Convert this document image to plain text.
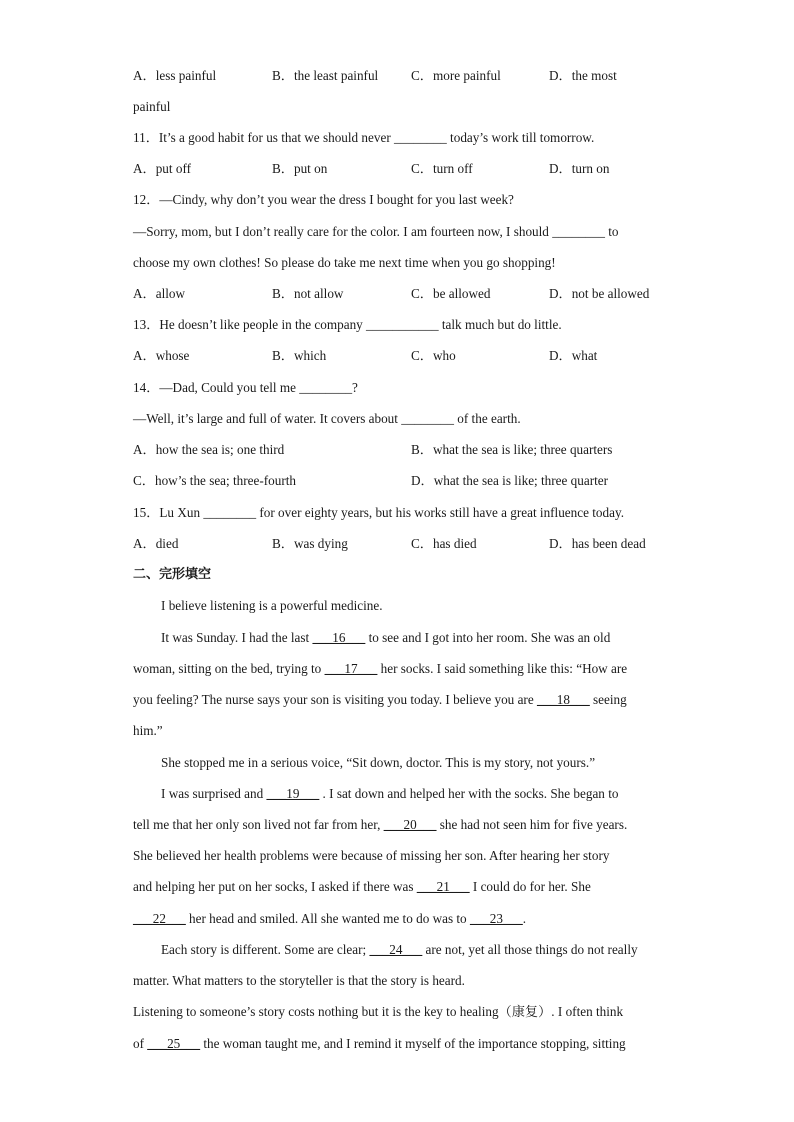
A．less painful	B．the least painful C．more painful	D．the most
painful
11．It’s a good habit for us that we should never ________ today’s work till tomorrow.
A．put off	B．put on	C．turn off	D．turn on
12．—Cindy, why don’t you wear the dress I bought for you last week?
—Sorry, mom, but I don’t really care for the color. I am fourteen now, I should ________ to
choose my own clothes! So please do take me next time when you go shopping!
A．allow	B．not allow	C．be allowed	D．not be allowed
13．He doesn’t like people in the company ___________ talk much but do little.
A．whose	B．which	C．who	D．what
14．—Dad, Could you tell me ________?
—Well, it’s large and full of water. It covers about ________ of the earth.
A．how the sea is; one third	B．what the sea is like; three quarters
C．how’s the sea; three-fourth	D．what the sea is like; three quarter
15．Lu Xun ________ for over eighty years, but his works still have a great influence today.
A．died	B．was dying	C．has died	D．has been dead
二、完形填空
I believe listening is a powerful medicine.
It was Sunday. I had the last ___16___ to see and I got into her room. She was an old
woman, sitting on the bed, trying to ___17___ her socks. I said something like this: “How are
you feeling? The nurse says your son is visiting you today. I believe you are ___18___ seeing
him.”
She stopped me in a serious voice, “Sit down, doctor. This is my story, not yours.”
I was surprised and ___19___ . I sat down and helped her with the socks. She began to
tell me that her only son lived not far from her, ___20___ she had not seen him for five years.
She believed her health problems were because of missing her son. After hearing her story
and helping her put on her socks, I asked if there was ___21___ I could do for her. She
___22___ her head and smiled. All she wanted me to do was to ___23___.
Each story is different. Some are clear; ___24___ are not, yet all those things do not really
matter. What matters to the storyteller is that the story is heard.
Listening to someone’s story costs nothing but it is the key to healing（康复）. I often think
of ___25___ the woman taught me, and I remind it myself of the importance stopping, sitting
